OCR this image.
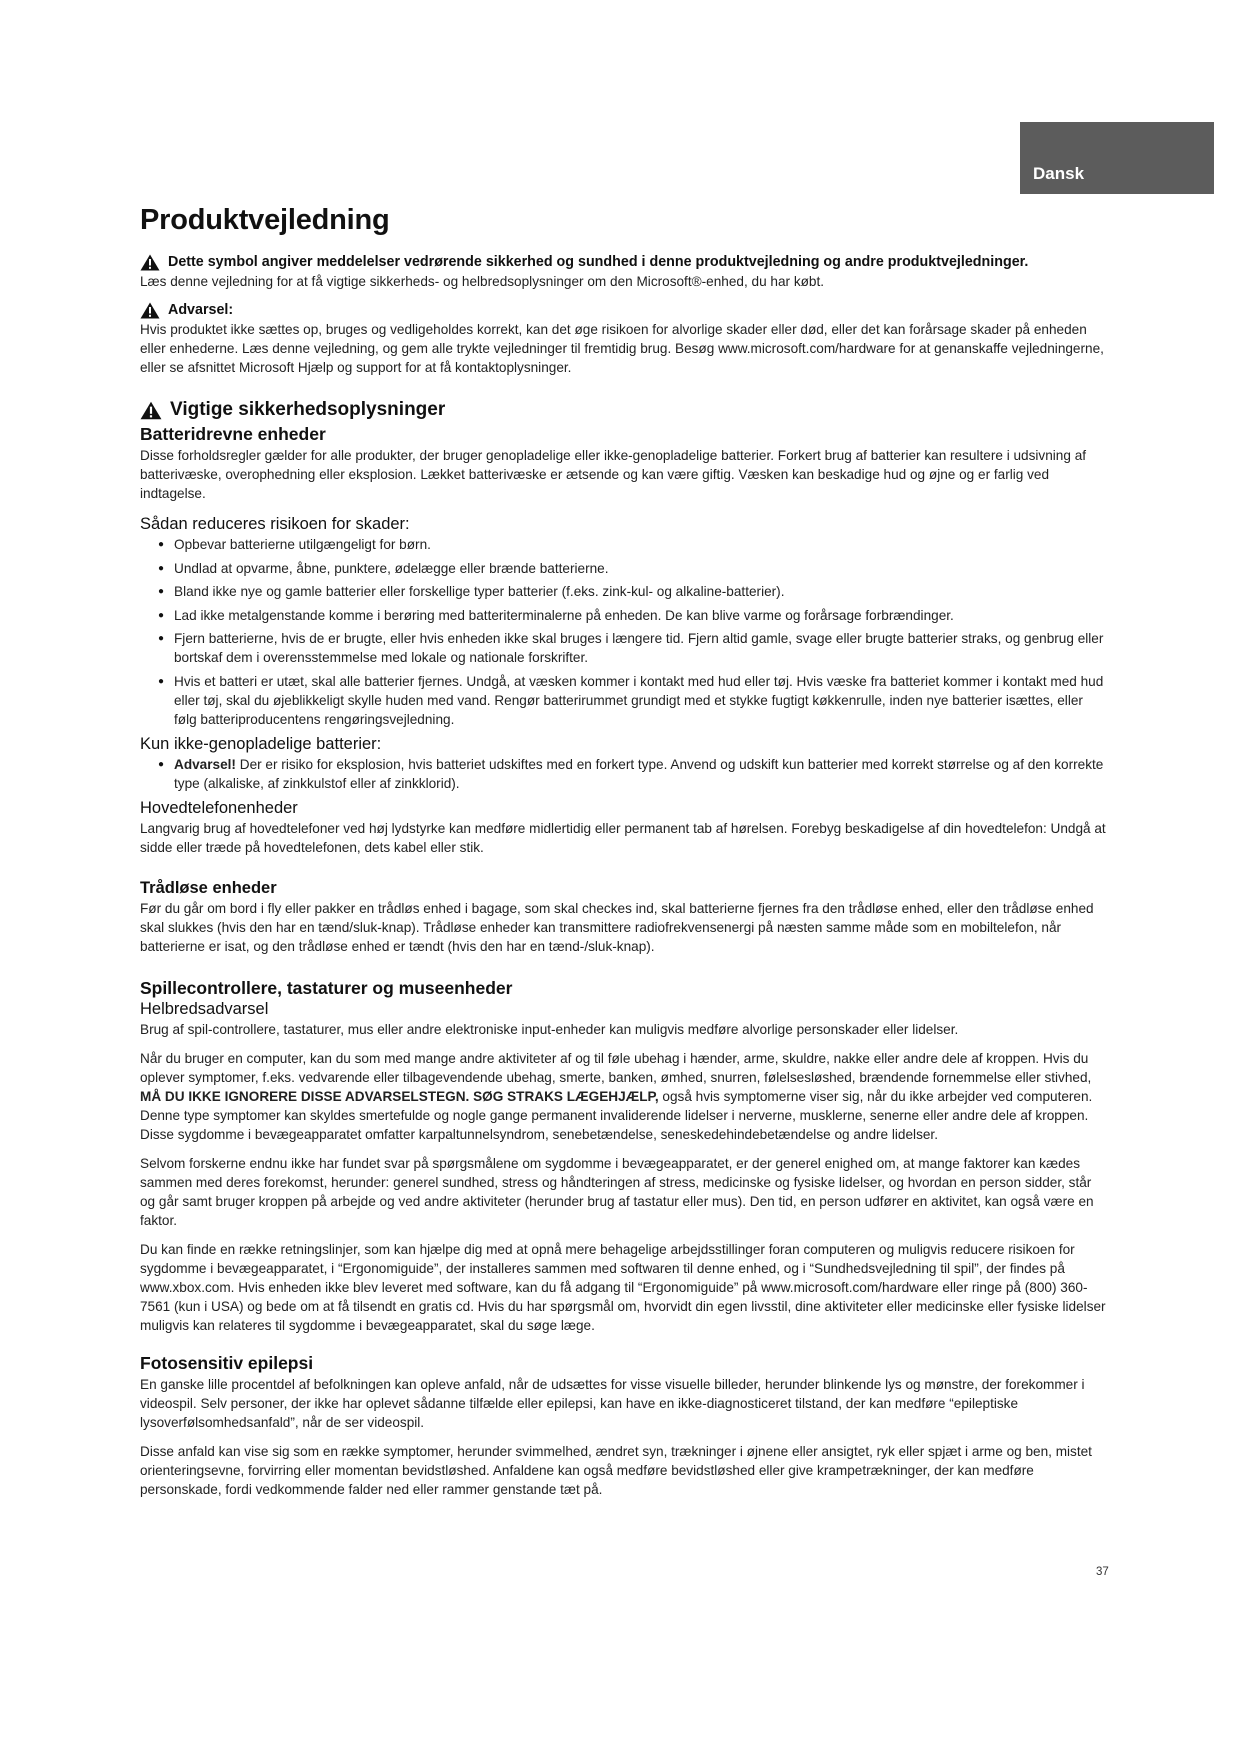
Dansk
Produktvejledning
Dette symbol angiver meddelelser vedrørende sikkerhed og sundhed i denne produktvejledning og andre produktvejledninger.

Læs denne vejledning for at få vigtige sikkerheds- og helbredsoplysninger om den Microsoft®-enhed, du har købt.

Advarsel:

Hvis produktet ikke sættes op, bruges og vedligeholdes korrekt, kan det øge risikoen for alvorlige skader eller død, eller det kan forårsage skader på enheden eller enhederne. Læs denne vejledning, og gem alle trykte vejledninger til fremtidig brug. Besøg www.microsoft.com/hardware for at genanskaffe vejledningerne, eller se afsnittet Microsoft Hjælp og support for at få kontaktoplysninger.

Vigtige sikkerhedsoplysninger
Batteridrevne enheder

Disse forholdsregler gælder for alle produkter, der bruger genopladelige eller ikke-genopladelige batterier. Forkert brug af batterier kan resultere i udsivning af batterivæske, overophedning eller eksplosion. Lækket batterivæske er ætsende og kan være giftig. Væsken kan beskadige hud og øjne og er farlig ved indtagelse.

Sådan reduceres risikoen for skader:
● Opbevar batterierne utilgængeligt for børn.
● Undlad at opvarme, åbne, punktere, ødelægge eller brænde batterierne.
● Bland ikke nye og gamle batterier eller forskellige typer batterier (f.eks. zink-kul- og alkaline-batterier).
● Lad ikke metalgenstande komme i berøring med batteriterminalerne på enheden. De kan blive varme og forårsage forbrændinger.
● Fjern batterierne, hvis de er brugte, eller hvis enheden ikke skal bruges i længere tid. Fjern altid gamle, svage eller brugte batterier straks, og genbrug eller bortskaf dem i overensstemmelse med lokale og nationale forskrifter.
● Hvis et batteri er utæt, skal alle batterier fjernes. Undgå, at væsken kommer i kontakt med hud eller tøj. Hvis væske fra batteriet kommer i kontakt med hud eller tøj, skal du øjeblikkeligt skylle huden med vand. Rengør batterirummet grundigt med et stykke fugtigt køkkenrulle, inden nye batterier isættes, eller følg batteriproducentens rengøringsvejledning.
Kun ikke-genopladelige batterier:
● Advarsel! Der er risiko for eksplosion, hvis batteriet udskiftes med en forkert type. Anvend og udskift kun batterier med korrekt størrelse og af den korrekte type (alkaliske, af zinkkulstof eller af zinkklorid).
Hovedtelefonenheder

Langvarig brug af hovedtelefoner ved høj lydstyrke kan medføre midlertidig eller permanent tab af hørelsen. Forebyg beskadigelse af din hovedtelefon: Undgå at sidde eller træde på hovedtelefonen, dets kabel eller stik.

Trådløse enheder

Før du går om bord i fly eller pakker en trådløs enhed i bagage, som skal checkes ind, skal batterierne fjernes fra den trådløse enhed, eller den trådløse enhed skal slukkes (hvis den har en tænd/sluk-knap). Trådløse enheder kan transmittere radiofrekvensenergi på næsten samme måde som en mobiltelefon, når batterierne er isat, og den trådløse enhed er tændt (hvis den har en tænd-/sluk-knap).

Spillecontrollere, tastaturer og museenheder
Helbredsadvarsel

Brug af spil-controllere, tastaturer, mus eller andre elektroniske input-enheder kan muligvis medføre alvorlige personskader eller lidelser.

Når du bruger en computer, kan du som med mange andre aktiviteter af og til føle ubehag i hænder, arme, skuldre, nakke eller andre dele af kroppen. Hvis du oplever symptomer, f.eks. vedvarende eller tilbagevendende ubehag, smerte, banken, ømhed, snurren, følelsesløshed, brændende fornemmelse eller stivhed, MÅ DU IKKE IGNORERE DISSE ADVARSELSTEGN. SØG STRAKS LÆGEHJÆLP, også hvis symptomerne viser sig, når du ikke arbejder ved computeren. Denne type symptomer kan skyldes smertefulde og nogle gange permanent invaliderende lidelser i nerverne, musklerne, senerne eller andre dele af kroppen. Disse sygdomme i bevægeapparatet omfatter karpaltunnelsyndrom, senebetændelse, seneskedehindebetændelse og andre lidelser.

Selvom forskerne endnu ikke har fundet svar på spørgsmålene om sygdomme i bevægeapparatet, er der generel enighed om, at mange faktorer kan kædes sammen med deres forekomst, herunder: generel sundhed, stress og håndteringen af stress, medicinske og fysiske lidelser, og hvordan en person sidder, står og går samt bruger kroppen på arbejde og ved andre aktiviteter (herunder brug af tastatur eller mus). Den tid, en person udfører en aktivitet, kan også være en faktor.

Du kan finde en række retningslinjer, som kan hjælpe dig med at opnå mere behagelige arbejdsstillinger foran computeren og muligvis reducere risikoen for sygdomme i bevægeapparatet, i “Ergonomiguide”, der installeres sammen med softwaren til denne enhed, og i “Sundhedsvejledning til spil”, der findes på www.xbox.com. Hvis enheden ikke blev leveret med software, kan du få adgang til “Ergonomiguide” på www.microsoft.com/hardware eller ringe på (800) 360-7561 (kun i USA) og bede om at få tilsendt en gratis cd. Hvis du har spørgsmål om, hvorvidt din egen livsstil, dine aktiviteter eller medicinske eller fysiske lidelser muligvis kan relateres til sygdomme i bevægeapparatet, skal du søge læge.

Fotosensitiv epilepsi

En ganske lille procentdel af befolkningen kan opleve anfald, når de udsættes for visse visuelle billeder, herunder blinkende lys og mønstre, der forekommer i videospil. Selv personer, der ikke har oplevet sådanne tilfælde eller epilepsi, kan have en ikke-diagnosticeret tilstand, der kan medføre “epileptiske lysoverfølsomhedsanfald”, når de ser videospil.

Disse anfald kan vise sig som en række symptomer, herunder svimmelhed, ændret syn, trækninger i øjnene eller ansigtet, ryk eller spjæt i arme og ben, mistet orienteringsevne, forvirring eller momentan bevidstløshed. Anfaldene kan også medføre bevidstløshed eller give krampetrækninger, der kan medføre personskade, fordi vedkommende falder ned eller rammer genstande tæt på.

37
